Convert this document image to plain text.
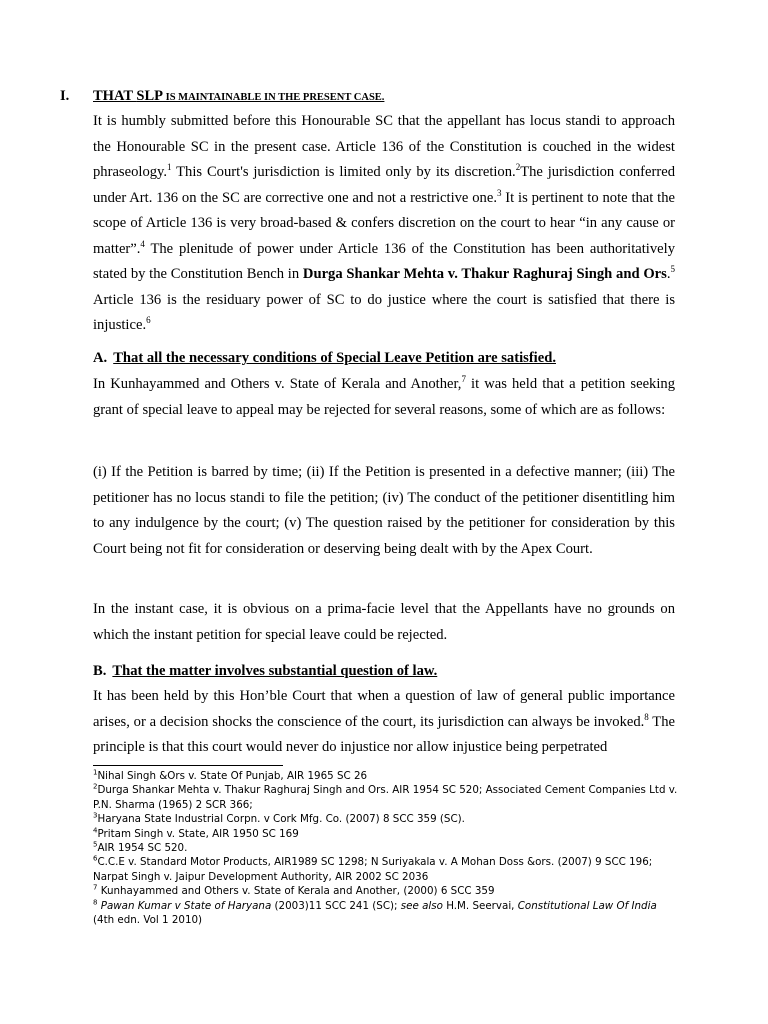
I. THAT SLP IS MAINTAINABLE IN THE PRESENT CASE.
It is humbly submitted before this Honourable SC that the appellant has locus standi to approach the Honourable SC in the present case. Article 136 of the Constitution is couched in the widest phraseology.$^1$ This Court's jurisdiction is limited only by its discretion.$^2$The jurisdiction conferred under Art. 136 on the SC are corrective one and not a restrictive one.$^3$ It is pertinent to note that the scope of Article 136 is very broad-based & confers discretion on the court to hear “in any cause or matter”.$^4$ The plenitude of power under Article 136 of the Constitution has been authoritatively stated by the Constitution Bench in Durga Shankar Mehta v. Thakur Raghuraj Singh and Ors.$^5$ Article 136 is the residuary power of SC to do justice where the court is satisfied that there is injustice.$^6$
A. That all the necessary conditions of Special Leave Petition are satisfied.
In Kunhayammed and Others v. State of Kerala and Another,$^7$ it was held that a petition seeking grant of special leave to appeal may be rejected for several reasons, some of which are as follows:
(i) If the Petition is barred by time; (ii) If the Petition is presented in a defective manner; (iii) The petitioner has no locus standi to file the petition; (iv) The conduct of the petitioner disentitling him to any indulgence by the court; (v) The question raised by the petitioner for consideration by this Court being not fit for consideration or deserving being dealt with by the Apex Court.
In the instant case, it is obvious on a prima-facie level that the Appellants have no grounds on which the instant petition for special leave could be rejected.
B. That the matter involves substantial question of law.
It has been held by this Hon’ble Court that when a question of law of general public importance arises, or a decision shocks the conscience of the court, its jurisdiction can always be invoked.$^8$ The principle is that this court would never do injustice nor allow injustice being perpetrated
$^1$Nihal Singh &Ors v. State Of Punjab, AIR 1965 SC 26
$^2$Durga Shankar Mehta v. Thakur Raghuraj Singh and Ors. AIR 1954 SC 520; Associated Cement Companies Ltd v. P.N. Sharma (1965) 2 SCR 366;
$^3$Haryana State Industrial Corpn. v Cork Mfg. Co. (2007) 8 SCC 359 (SC).
$^4$Pritam Singh v. State, AIR 1950 SC 169
$^5$AIR 1954 SC 520.
$^6$C.C.E v. Standard Motor Products, AIR1989 SC 1298; N Suriyakala v. A Mohan Doss &ors. (2007) 9 SCC 196; Narpat Singh v. Jaipur Development Authority, AIR 2002 SC 2036
$^7$ Kunhayammed and Others v. State of Kerala and Another, (2000) 6 SCC 359
$^8$ Pawan Kumar v State of Haryana (2003)11 SCC 241 (SC); see also H.M. Seervai, Constitutional Law Of India (4th edn. Vol 1 2010)
